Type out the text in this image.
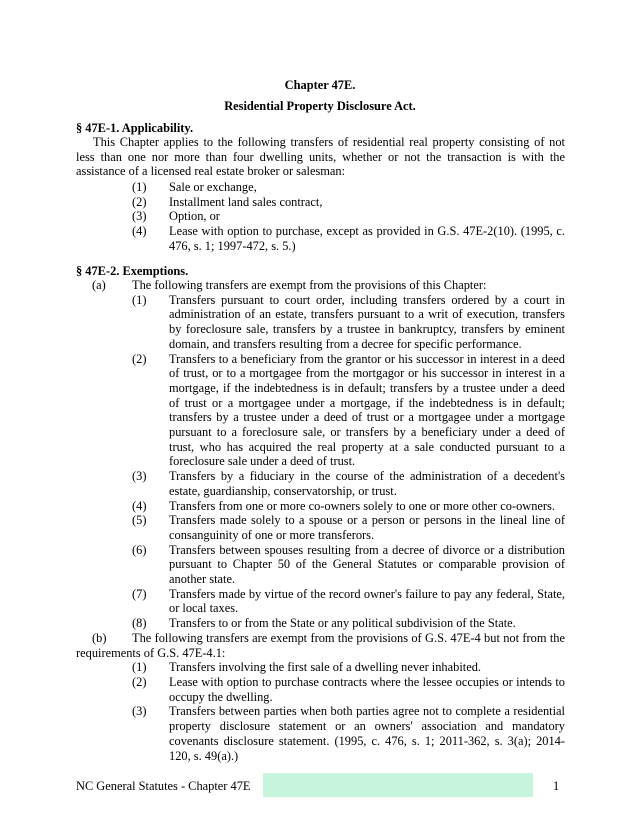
Chapter 47E.
Residential Property Disclosure Act.
§ 47E-1. Applicability.
This Chapter applies to the following transfers of residential real property consisting of not less than one nor more than four dwelling units, whether or not the transaction is with the assistance of a licensed real estate broker or salesman:
(1) Sale or exchange,
(2) Installment land sales contract,
(3) Option, or
(4) Lease with option to purchase, except as provided in G.S. 47E-2(10). (1995, c. 476, s. 1; 1997-472, s. 5.)
§ 47E-2. Exemptions.
(a) The following transfers are exempt from the provisions of this Chapter:
(1) Transfers pursuant to court order, including transfers ordered by a court in administration of an estate, transfers pursuant to a writ of execution, transfers by foreclosure sale, transfers by a trustee in bankruptcy, transfers by eminent domain, and transfers resulting from a decree for specific performance.
(2) Transfers to a beneficiary from the grantor or his successor in interest in a deed of trust, or to a mortgagee from the mortgagor or his successor in interest in a mortgage, if the indebtedness is in default; transfers by a trustee under a deed of trust or a mortgagee under a mortgage, if the indebtedness is in default; transfers by a trustee under a deed of trust or a mortgagee under a mortgage pursuant to a foreclosure sale, or transfers by a beneficiary under a deed of trust, who has acquired the real property at a sale conducted pursuant to a foreclosure sale under a deed of trust.
(3) Transfers by a fiduciary in the course of the administration of a decedent's estate, guardianship, conservatorship, or trust.
(4) Transfers from one or more co-owners solely to one or more other co-owners.
(5) Transfers made solely to a spouse or a person or persons in the lineal line of consanguinity of one or more transferors.
(6) Transfers between spouses resulting from a decree of divorce or a distribution pursuant to Chapter 50 of the General Statutes or comparable provision of another state.
(7) Transfers made by virtue of the record owner's failure to pay any federal, State, or local taxes.
(8) Transfers to or from the State or any political subdivision of the State.
(b)	The following transfers are exempt from the provisions of G.S. 47E-4 but not from the requirements of G.S. 47E-4.1:
(1) Transfers involving the first sale of a dwelling never inhabited.
(2) Lease with option to purchase contracts where the lessee occupies or intends to occupy the dwelling.
(3) Transfers between parties when both parties agree not to complete a residential property disclosure statement or an owners' association and mandatory covenants disclosure statement. (1995, c. 476, s. 1; 2011-362, s. 3(a); 2014-120, s. 49(a).)
NC General Statutes - Chapter 47E	1
